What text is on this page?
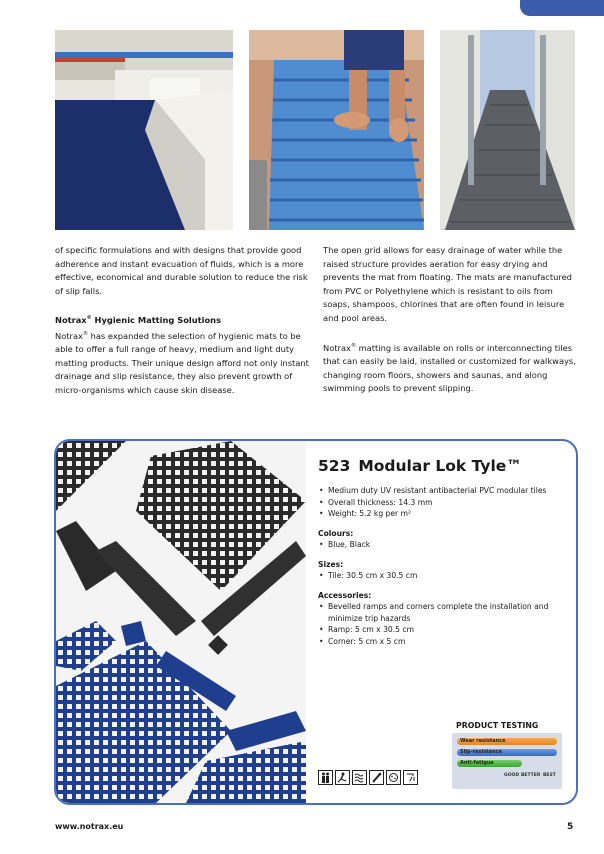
of specific formulations and with designs that provide good adherence and instant evacuation of fluids, which is a more effective, economical and durable solution to reduce the risk of slip falls.

Notrax® Hygienic Matting Solutions

Notrax® has expanded the selection of hygienic mats to be able to offer a full range of heavy, medium and light duty matting products. Their unique design afford not only instant drainage and slip resistance, they also prevent growth of micro-organisms which cause skin disease.

The open grid allows for easy drainage of water while the raised structure provides aeration for easy drying and prevents the mat from floating. The mats are manufactured from PVC or Polyethylene which is resistant to oils from soaps, shampoos, chlorines that are often found in leisure and pool areas.

Notrax® matting is available on rolls or interconnecting tiles that can easily be laid, installed or customized for walkways, changing room floors, showers and saunas, and along swimming pools to prevent slipping.

523 Modular Lok Tyle™
• Medium duty UV resistant antibacterial PVC modular tiles
• Overall thickness: 14.3 mm
• Weight: 5.2 kg per m²
Colours:
• Blue, Black
Sizes:
• Tile: 30.5 cm x 30.5 cm
Accessories:
• Bevelled ramps and corners complete the installation and minimize trip hazards
• Ramp: 5 cm x 30.5 cm
• Corner: 5 cm x 5 cm
PRODUCT TESTING
Wear resistance
Slip-resistance
Anti-fatigue
GOOD BETTER BEST
www.notrax.eu	5
